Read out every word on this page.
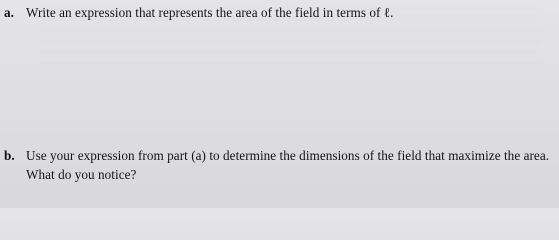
a. Write an expression that represents the area of the field in terms of ℓ.

b. Use your expression from part (a) to determine the dimensions of the field that maximize the area.
What do you notice?
